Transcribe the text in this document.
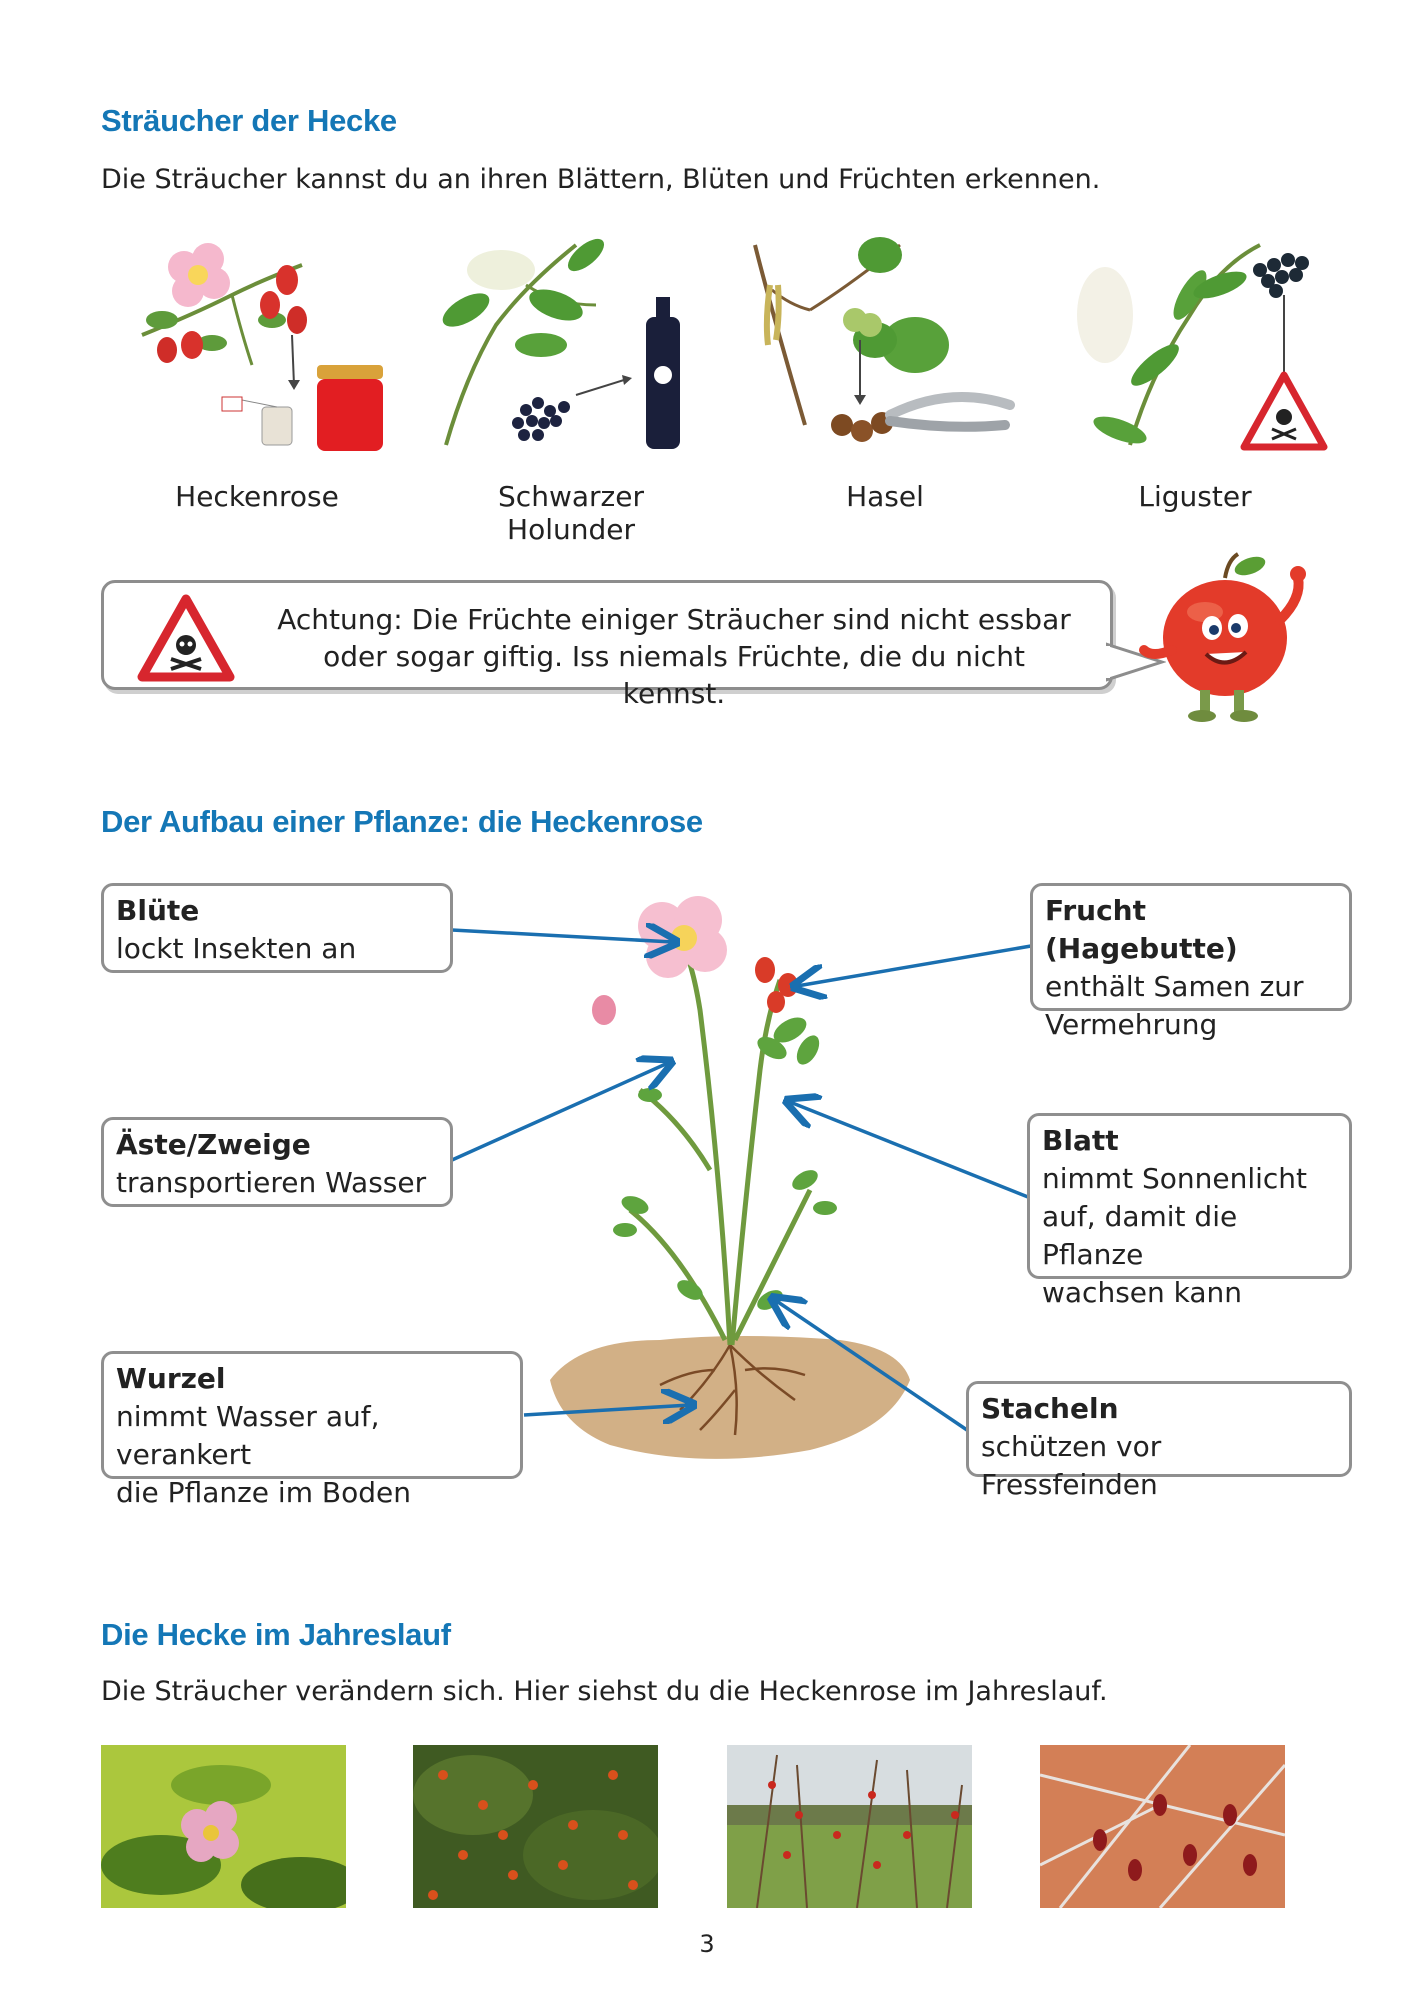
Sträucher der Hecke

Die Sträucher kannst du an ihren Blättern, Blüten und Früchten erkennen.

Heckenrose	Schwarzer Holunder
Hasel	Liguster
Achtung: Die Früchte einiger Sträucher sind nicht essbar
oder sogar giftig. Iss niemals Früchte, die du nicht kennst.
Der Aufbau einer Pflanze: die Heckenrose
Blüte
lockt Insekten an
Äste/Zweige
transportieren Wasser
Wurzel
nimmt Wasser auf, verankert
die Pflanze im Boden
Frucht (Hagebutte)
enthält Samen zur
Vermehrung
Blatt
nimmt Sonnenlicht
auf, damit die Pflanze
wachsen kann
Stacheln
schützen vor Fressfeinden
Die Hecke im Jahreslauf

Die Sträucher verändern sich. Hier siehst du die Heckenrose im Jahreslauf.

3
